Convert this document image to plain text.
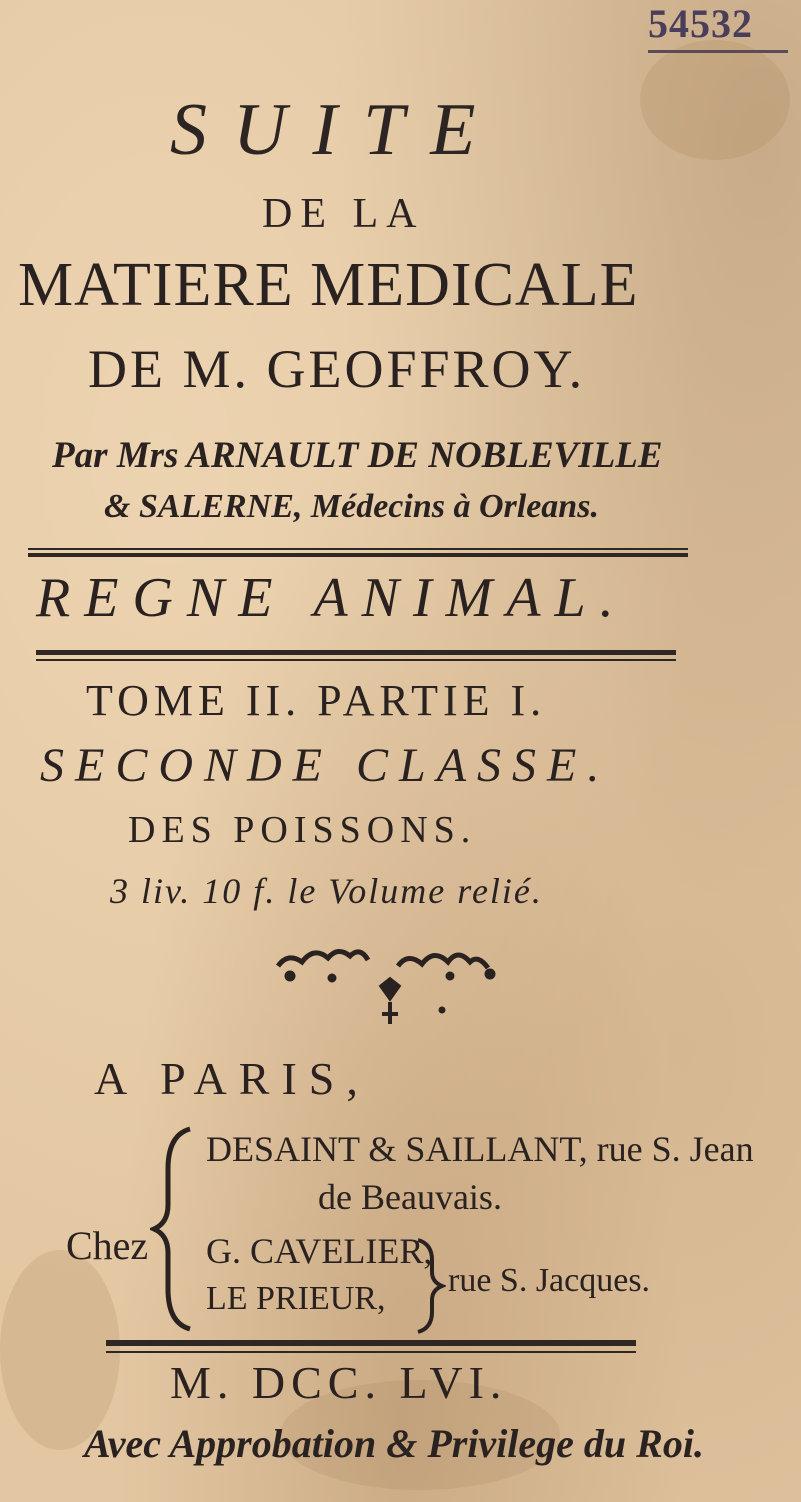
54532

SUITE

DE LA

MATIERE MEDICALE

DE M. GEOFFROY.

Par Mrs ARNAULT DE NOBLEVILLE

& SALERNE, Médecins à Orleans.

REGNE ANIMAL.

TOME II. PARTIE I.

SECONDE CLASSE.

DES POISSONS.

3 liv. 10 f. le Volume relié.

A PARIS,

Chez

DESAINT & SAILLANT, rue S. Jean

de Beauvais.

G. CAVELIER,

LE PRIEUR, rue S. Jacques.

M. DCC. LVI.

Avec Approbation & Privilege du Roi.
